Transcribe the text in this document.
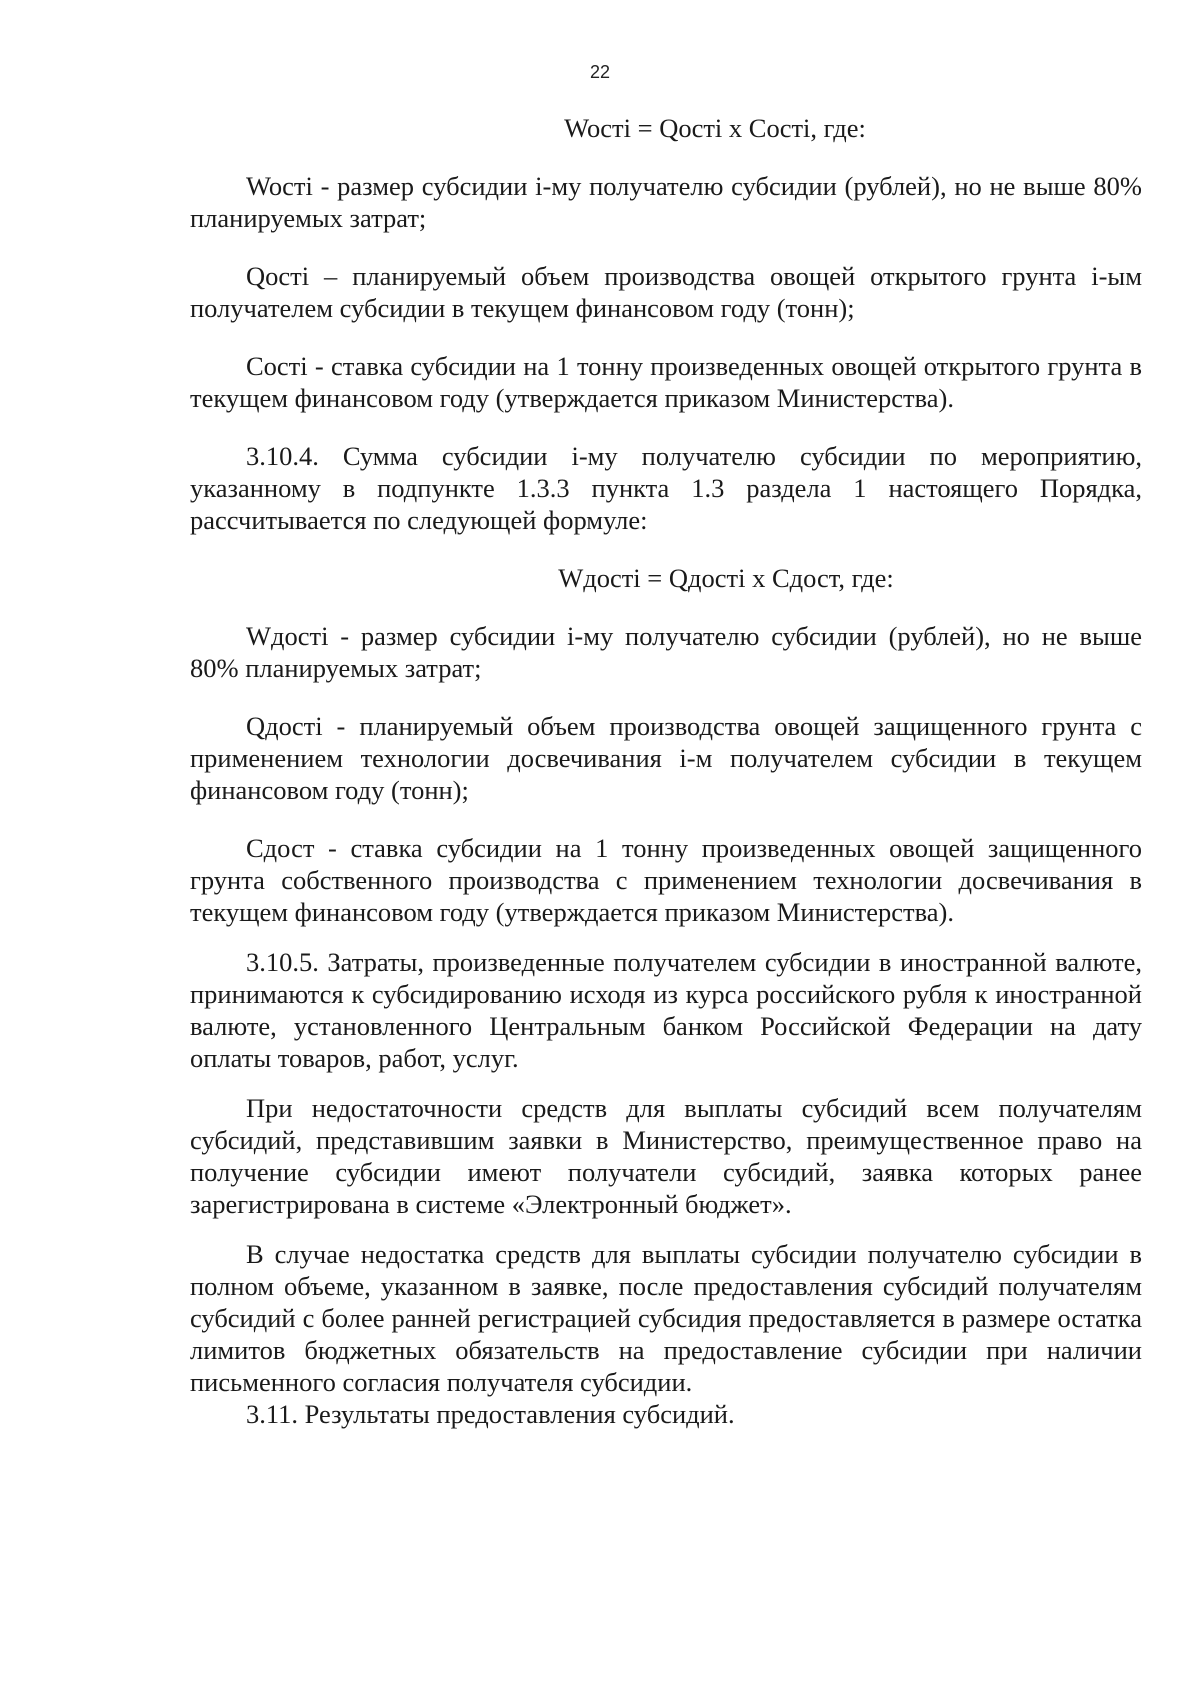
22

Wocтi = Qocтi x Cocтi, где:

Wocтi - размер субсидии i-му получателю субсидии (рублей), но не выше 80% планируемых затрат;

Qocтi – планируемый объем производства овощей открытого грунта i-ым получателем субсидии в текущем финансовом году (тонн);

Cocтi - ставка субсидии на 1 тонну произведенных овощей открытого грунта в текущем финансовом году (утверждается приказом Министерства).

3.10.4. Сумма субсидии i-му получателю субсидии по мероприятию, указанному в подпункте 1.3.3 пункта 1.3 раздела 1 настоящего Порядка, рассчитывается по следующей формуле:

Wдocтi = Qдocтi x Сдост, где:

Wдocтi - размер субсидии i-му получателю субсидии (рублей), но не выше 80% планируемых затрат;

Qдocтi - планируемый объем производства овощей защищенного грунта с применением технологии досвечивания i-м получателем субсидии в текущем финансовом году (тонн);

Сдост - ставка субсидии на 1 тонну произведенных овощей защищенного грунта собственного производства с применением технологии досвечивания в текущем финансовом году (утверждается приказом Министерства).

3.10.5. Затраты, произведенные получателем субсидии в иностранной валюте, принимаются к субсидированию исходя из курса российского рубля к иностранной валюте, установленного Центральным банком Российской Федерации на дату оплаты товаров, работ, услуг.

При недостаточности средств для выплаты субсидий всем получателям субсидий, представившим заявки в Министерство, преимущественное право на получение субсидии имеют получатели субсидий, заявка которых ранее зарегистрирована в системе «Электронный бюджет».

В случае недостатка средств для выплаты субсидии получателю субсидии в полном объеме, указанном в заявке, после предоставления субсидий получателям субсидий с более ранней регистрацией субсидия предоставляется в размере остатка лимитов бюджетных обязательств на предоставление субсидии при наличии письменного согласия получателя субсидии.

3.11. Результаты предоставления субсидий.
